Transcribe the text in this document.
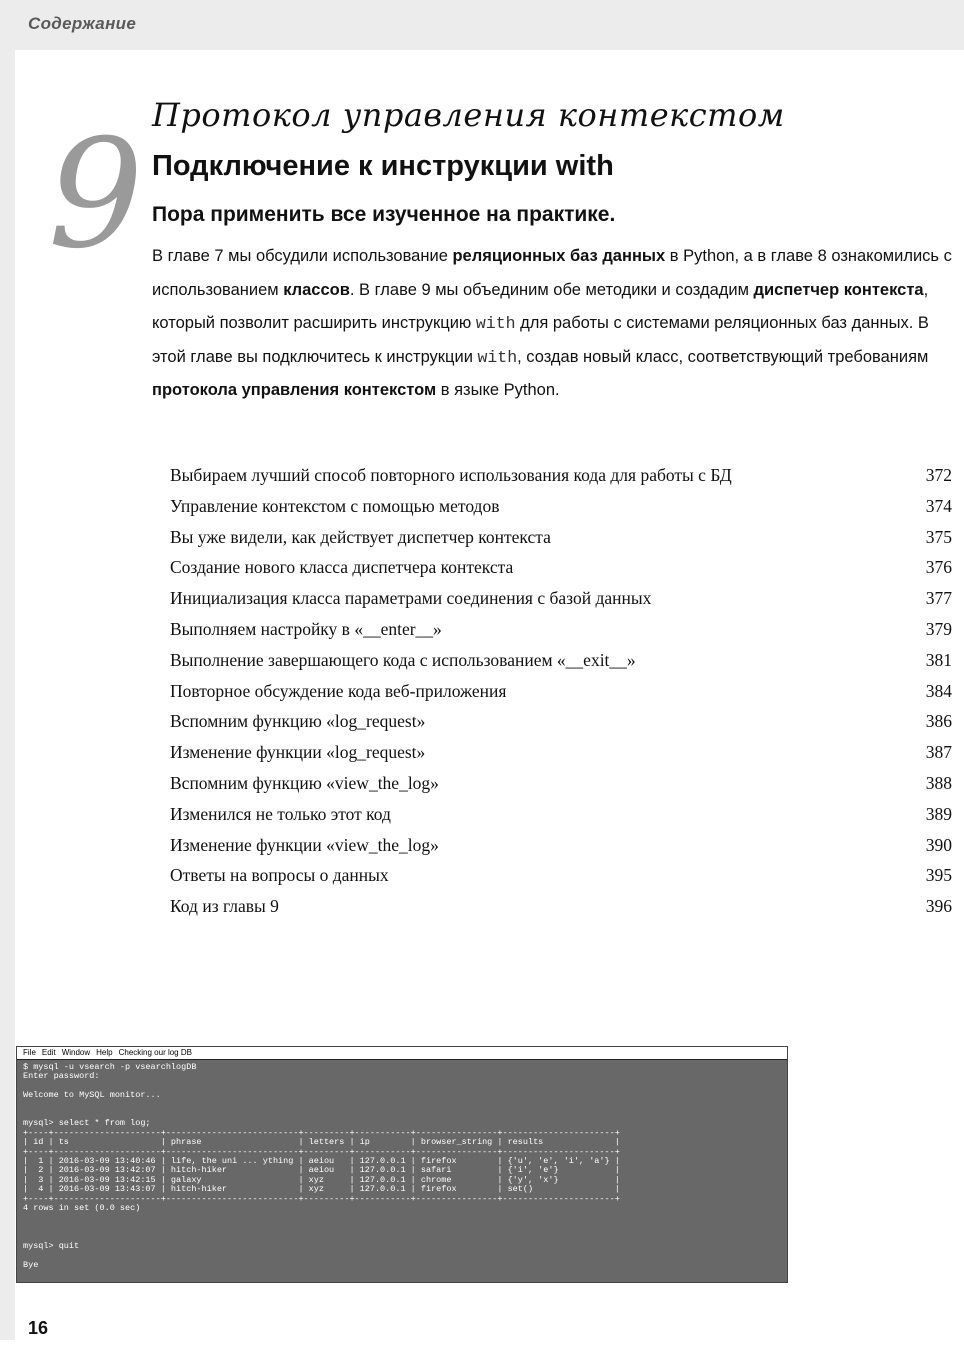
Содержание
9 Протокол управления контекстом
Подключение к инструкции with
Пора применить все изученное на практике.
В главе 7 мы обсудили использование реляционных баз данных в Python, а в главе 8 ознакомились с использованием классов. В главе 9 мы объединим обе методики и создадим диспетчер контекста, который позволит расширить инструкцию with для работы с системами реляционных баз данных. В этой главе вы подключитесь к инструкции with, создав новый класс, соответствующий требованиям протокола управления контекстом в языке Python.
Выбираем лучший способ повторного использования кода для работы с БД	372
Управление контекстом с помощью методов	374
Вы уже видели, как действует диспетчер контекста	375
Создание нового класса диспетчера контекста	376
Инициализация класса параметрами соединения с базой данных	377
Выполняем настройку в «__enter__»	379
Выполнение завершающего кода с использованием «__exit__»	381
Повторное обсуждение кода веб-приложения	384
Вспомним функцию «log_request»	386
Изменение функции «log_request»	387
Вспомним функцию «view_the_log»	388
Изменился не только этот код	389
Изменение функции «view_the_log»	390
Ответы на вопросы о данных	395
Код из главы 9	396
File Edit Window Help Checking our log DB
$ mysql -u vsearch -p vsearchlogDB
Enter password:

Welcome to MySQL monitor...

mysql> select * from log;
+----+---------------------+--------------------------+---------+-----------+----------------+----------------------+
| id | ts                  | phrase                   | letters | ip        | browser_string | results              |
+----+---------------------+--------------------------+---------+-----------+----------------+----------------------+
|  1 | 2016-03-09 13:40:46 | life, the uni ... ything | aeiou   | 127.0.0.1 | firefox        | {'u', 'e', 'i', 'a'} |
|  2 | 2016-03-09 13:42:07 | hitch-hiker              | aeiou   | 127.0.0.1 | safari         | {'i', 'e'}           |
|  3 | 2016-03-09 13:42:15 | galaxy                   | xyz     | 127.0.0.1 | chrome         | {'y', 'x'}           |
|  4 | 2016-03-09 13:43:07 | hitch-hiker              | xyz     | 127.0.0.1 | firefox        | set()                |
+----+---------------------+--------------------------+---------+-----------+----------------+----------------------+
4 rows in set (0.0 sec)

mysql> quit

Bye
16
